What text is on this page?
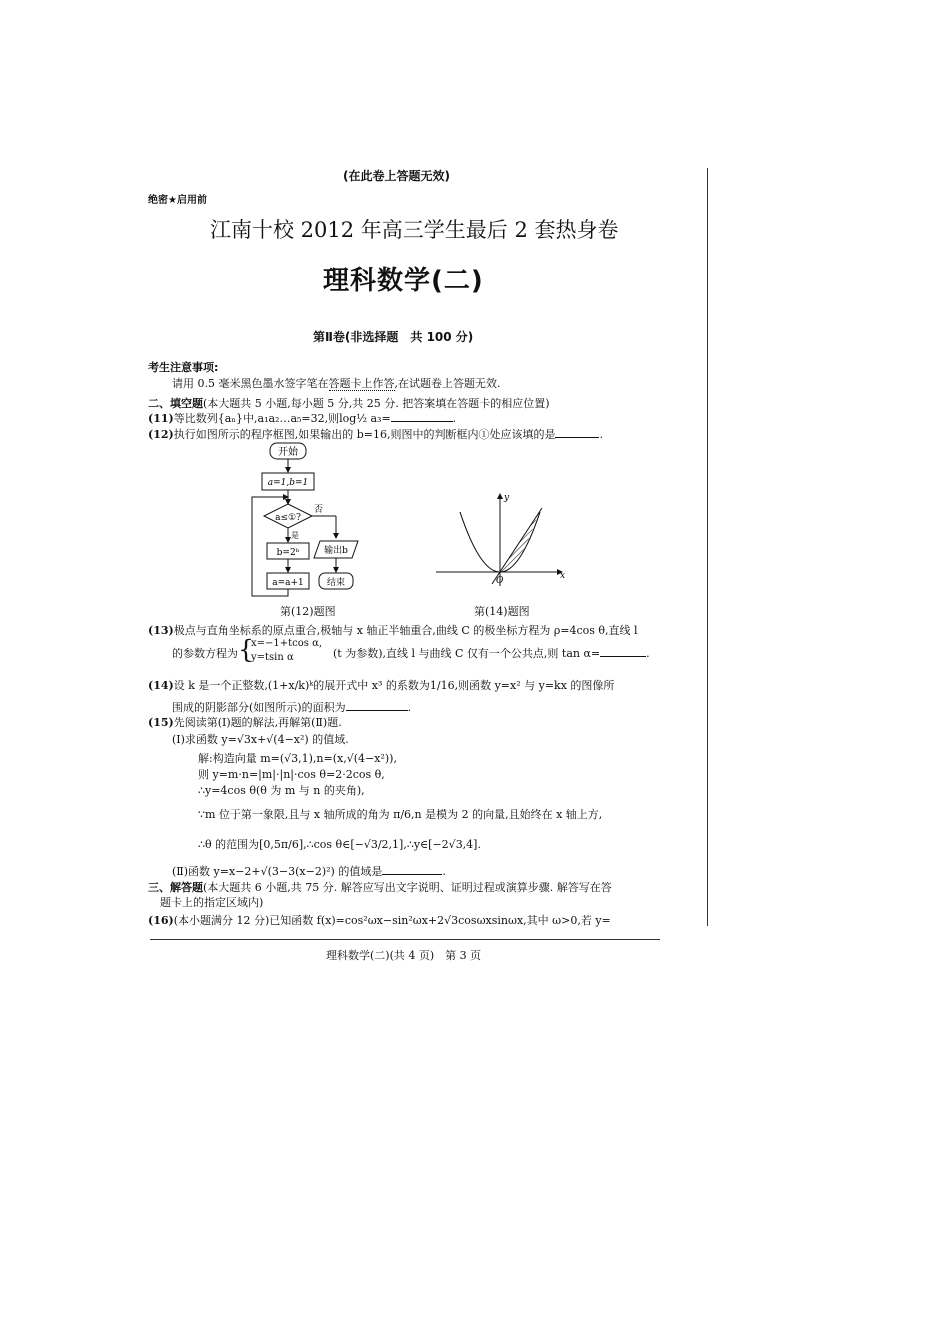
(在此卷上答题无效)
绝密★启用前
江南十校 2012 年高三学生最后 2 套热身卷
理科数学(二)
第Ⅱ卷(非选择题　共 100 分)
考生注意事项:
请用 0.5 毫米黑色墨水签字笔在答题卡上作答,在试题卷上答题无效.
二、填空题(本大题共 5 小题,每小题 5 分,共 25 分. 把答案填在答题卡的相应位置)
(11)等比数列{aₙ}中,a₁a₂…a₅=32,则log½ a₃=	.
(12)执行如图所示的程序框图,如果输出的 b=16,则图中的判断框内①处应该填的是	.
开始
a=1,b=1
a≤①?
否
是
b=2ᵇ	输出b
a=a+1	结束
第(12)题图
y
x
O
第(14)题图
(13)极点与直角坐标系的原点重合,极轴与 x 轴正半轴重合,曲线 C 的极坐标方程为 ρ=4cos θ,直线 l
的参数方程为 {
x=−1+tcos α,
y=tsin α	(t 为参数),直线 l 与曲线 C 仅有一个公共点,则 tan α=	.
(14)设 k 是一个正整数,(1+x/k)ᵏ的展开式中 x³ 的系数为1/16,则函数 y=x² 与 y=kx 的图像所
围成的阴影部分(如图所示)的面积为	.
(15)先阅读第(Ⅰ)题的解法,再解第(Ⅱ)题.
(Ⅰ)求函数 y=√3x+√(4−x²) 的值域.
解:构造向量 m=(√3,1),n=(x,√(4−x²)),
则 y=m·n=|m|·|n|·cos θ=2·2cos θ,
∴y=4cos θ(θ 为 m 与 n 的夹角),
∵m 位于第一象限,且与 x 轴所成的角为 π/6,n 是模为 2 的向量,且始终在 x 轴上方,
∴θ 的范围为[0,5π/6],∴cos θ∈[−√3/2,1],∴y∈[−2√3,4].
(Ⅱ)函数 y=x−2+√(3−3(x−2)²) 的值域是	.
三、解答题(本大题共 6 小题,共 75 分. 解答应写出文字说明、证明过程或演算步骤. 解答写在答
题卡上的指定区域内)
(16)(本小题满分 12 分)已知函数 f(x)=cos²ωx−sin²ωx+2√3cosωxsinωx,其中 ω>0,若 y=
理科数学(二)(共 4 页)　第 3 页
